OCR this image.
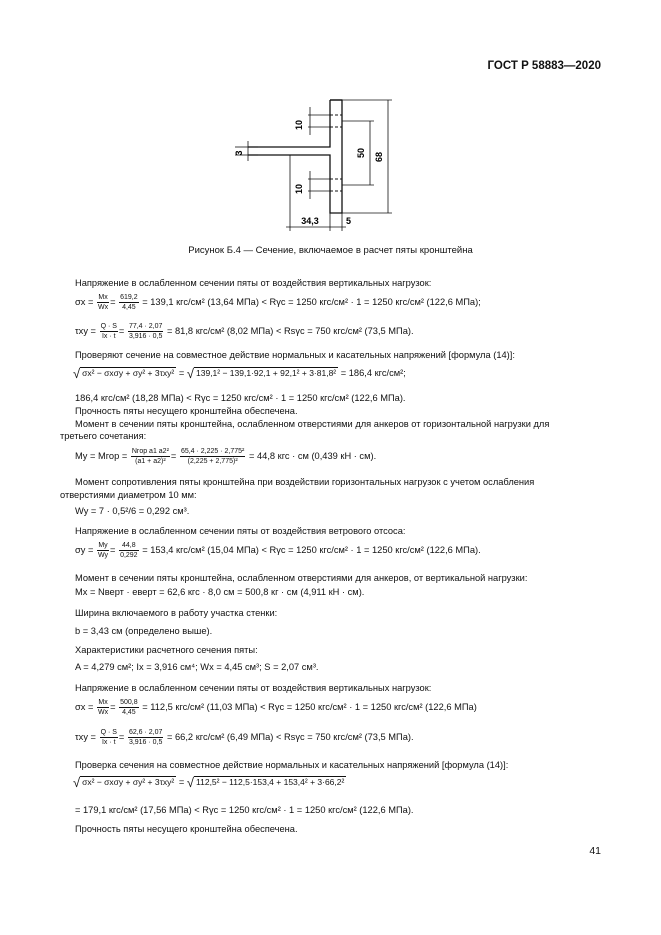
ГОСТ Р 58883—2020
10
10
50 68
3
34,3	5
Рисунок Б.4 — Сечение, включаемое в расчет пяты кронштейна
Напряжение в ослабленном сечении пяты от воздействия вертикальных нагрузок:
$\sigma x = \frac{Mx}{Wx} = \frac{619,2}{4,45} = 139,1$ кгс/см² (13,64 МПа) < Rγc = 1250 кгс/см² · 1 = 1250 кгс/см² (122,6 МПа);
$\tau xy = \frac{Q \cdot S}{Ix \cdot t} = \frac{77,4 \cdot 2,07}{3,916 \cdot 0,5} = 81,8$ кгс/см² (8,02 МПа) < Rsγc = 750 кгс/см² (73,5 МПа).
Проверяют сечение на совместное действие нормальных и касательных напряжений [формула (14)]:
√ σx² − σxσy + σy² + 3τxy² = √ 139,1² − 139,1·92,1 + 92,1² + 3·81,8² = 186,4 кгс/см²;
186,4 кгс/см² (18,28 МПа) < Rγc = 1250 кгс/см² · 1 = 1250 кгс/см² (122,6 МПа).
Прочность пяты несущего кронштейна обеспечена.
Момент в сечении пяты кронштейна, ослабленном отверстиями для анкеров от горизонтальной нагрузки для
третьего сочетания:
My = Mгор = $\frac{\text{Nгор a1 a2²}}{\text{(a1 + a2)²}} = \frac{\text{65,4 · 2,225 · 2,775²}}{\text{(2,225 + 2,775)²}} = 44,8$ кгс · см (0,439 кН · см).
Момент сопротивления пяты кронштейна при воздействии горизонтальных нагрузок с учетом ослабления
отверстиями диаметром 10 мм:
Wy = 7 · 0,5²/6 = 0,292 см³.
Напряжение в ослабленном сечении пяты от воздействия ветрового отсоса:
$\sigma y = \frac{My}{Wy} = \frac{44,8}{0,292} = 153,4$ кгс/см² (15,04 МПа) < Rγc = 1250 кгс/см² · 1 = 1250 кгс/см² (122,6 МПа).
Момент в сечении пяты кронштейна, ослабленном отверстиями для анкеров, от вертикальной нагрузки:
Mx = Nверт · eверт = 62,6 кгс · 8,0 см = 500,8 кг · см (4,911 кН · см).
Ширина включаемого в работу участка стенки:
b = 3,43 см (определено выше).
Характеристики расчетного сечения пяты:
A = 4,279 см²; Ix = 3,916 см⁴; Wx = 4,45 см³; S = 2,07 см³.
Напряжение в ослабленном сечении пяты от воздействия вертикальных нагрузок:
$\sigma x = \frac{Mx}{Wx} = \frac{500,8}{4,45} = 112,5$ кгс/см² (11,03 МПа) < Rγc = 1250 кгс/см² · 1 = 1250 кгс/см² (122,6 МПа)
$\tau xy = \frac{Q \cdot S}{Ix \cdot t} = \frac{62,6 \cdot 2,07}{3,916 \cdot 0,5} = 66,2$ кгс/см² (6,49 МПа) < Rsγc = 750 кгс/см² (73,5 МПа).
Проверка сечения на совместное действие нормальных и касательных напряжений [формула (14)]:
√ σx² − σxσy + σy² + 3τxy² = √ 112,5² − 112,5·153,4 + 153,4² + 3·66,2²
= 179,1 кгс/см² (17,56 МПа) < Rγc = 1250 кгс/см² · 1 = 1250 кгс/см² (122,6 МПа).
Прочность пяты несущего кронштейна обеспечена.
41
